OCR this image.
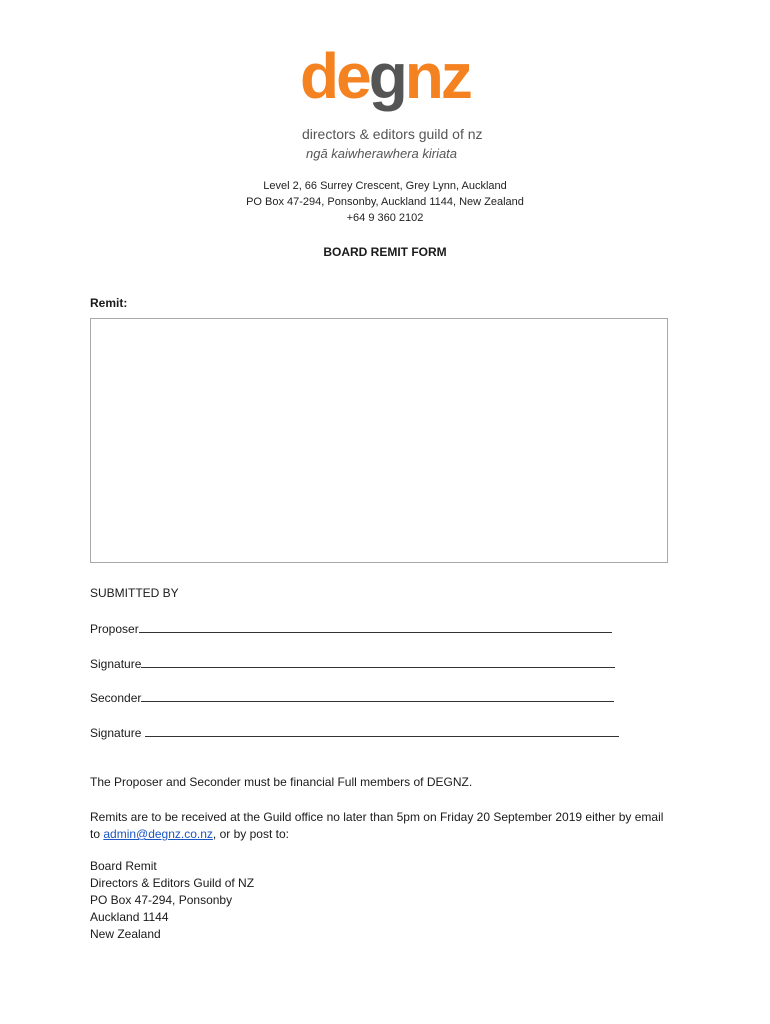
degnz
directors & editors guild of nz
ngā kaiwherawhera kiriata
Level 2, 66 Surrey Crescent, Grey Lynn, Auckland
PO Box 47-294, Ponsonby, Auckland 1144, New Zealand
+64 9 360 2102
BOARD REMIT FORM
Remit:
SUBMITTED BY
Proposer
Signature
Seconder
Signature
The Proposer and Seconder must be financial Full members of DEGNZ.
Remits are to be received at the Guild office no later than 5pm on Friday 20 September 2019 either by email
to admin@degnz.co.nz, or by post to:
Board Remit
Directors & Editors Guild of NZ
PO Box 47-294, Ponsonby
Auckland 1144
New Zealand
